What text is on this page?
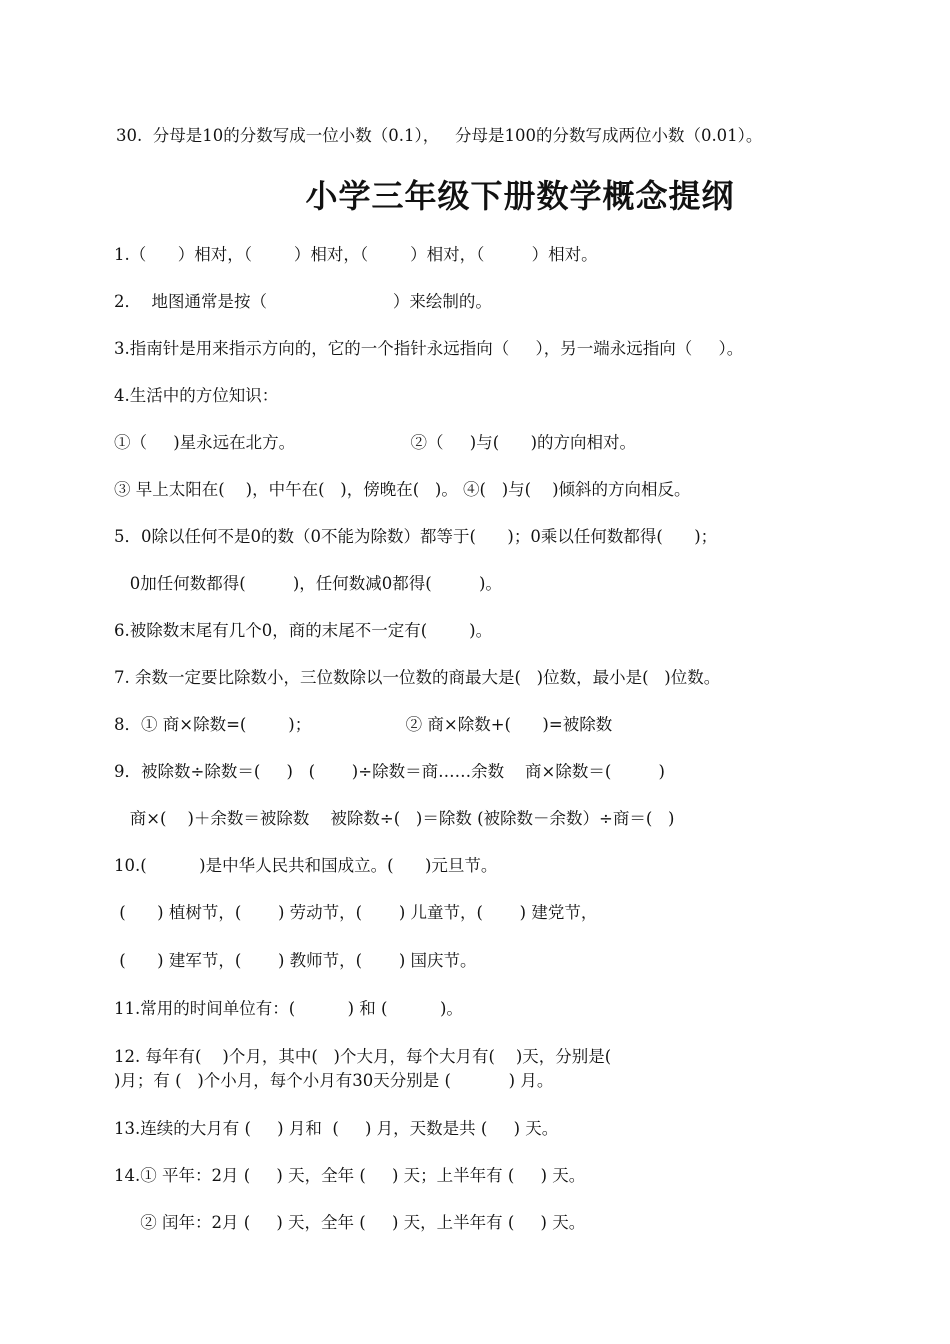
30.  分母是10的分数写成一位小数（0.1），   分母是100的分数写成两位小数（0.01）。
小学三年级下册数学概念提纲
1.（      ）相对，（        ）相对，（        ）相对，（         ）相对。
2．  地图通常是按（                        ）来绘制的。
3.指南针是用来指示方向的，它的一个指针永远指向（     ），另一端永远指向（     ）。
4.生活中的方位知识：
①（     )星永远在北方。                      ②（     )与(      )的方向相对。
③ 早上太阳在(    )，中午在(   )，傍晚在(   )。 ④(   )与(    )倾斜的方向相反。
5．0除以任何不是0的数（0不能为除数）都等于(      )；0乘以任何数都得(      )；
0加任何数都得(         )，任何数减0都得(         )。
6.被除数末尾有几个0，商的末尾不一定有(        )。
7. 余数一定要比除数小，三位数除以一位数的商最大是(   )位数，最小是(   )位数。
8．① 商×除数=(        )；                  ② 商×除数+(      )=被除数
9．被除数÷除数＝(     )   (       )÷除数＝商……余数    商×除数＝(         )
商×(    )＋余数＝被除数    被除数÷(   )＝除数 (被除数－余数）÷商＝(   )
10.(          )是中华人民共和国成立。(      )元旦节。
(      ) 植树节，(       ) 劳动节，(       ) 儿童节，(       ) 建党节，
(      ) 建军节，(       ) 教师节，(       ) 国庆节。
11.常用的时间单位有：(          ) 和 (          )。
12. 每年有(    )个月，其中(   )个大月，每个大月有(    )天，分别是(
)月；有 (   )个小月，每个小月有30天分别是 (           ) 月。
13.连续的大月有 (     ) 月和  (     ) 月，天数是共 (     ) 天。
14.① 平年：2月 (     ) 天，全年 (     ) 天；上半年有 (     ) 天。
② 闰年：2月 (     ) 天，全年 (     ) 天，上半年有 (     ) 天。
